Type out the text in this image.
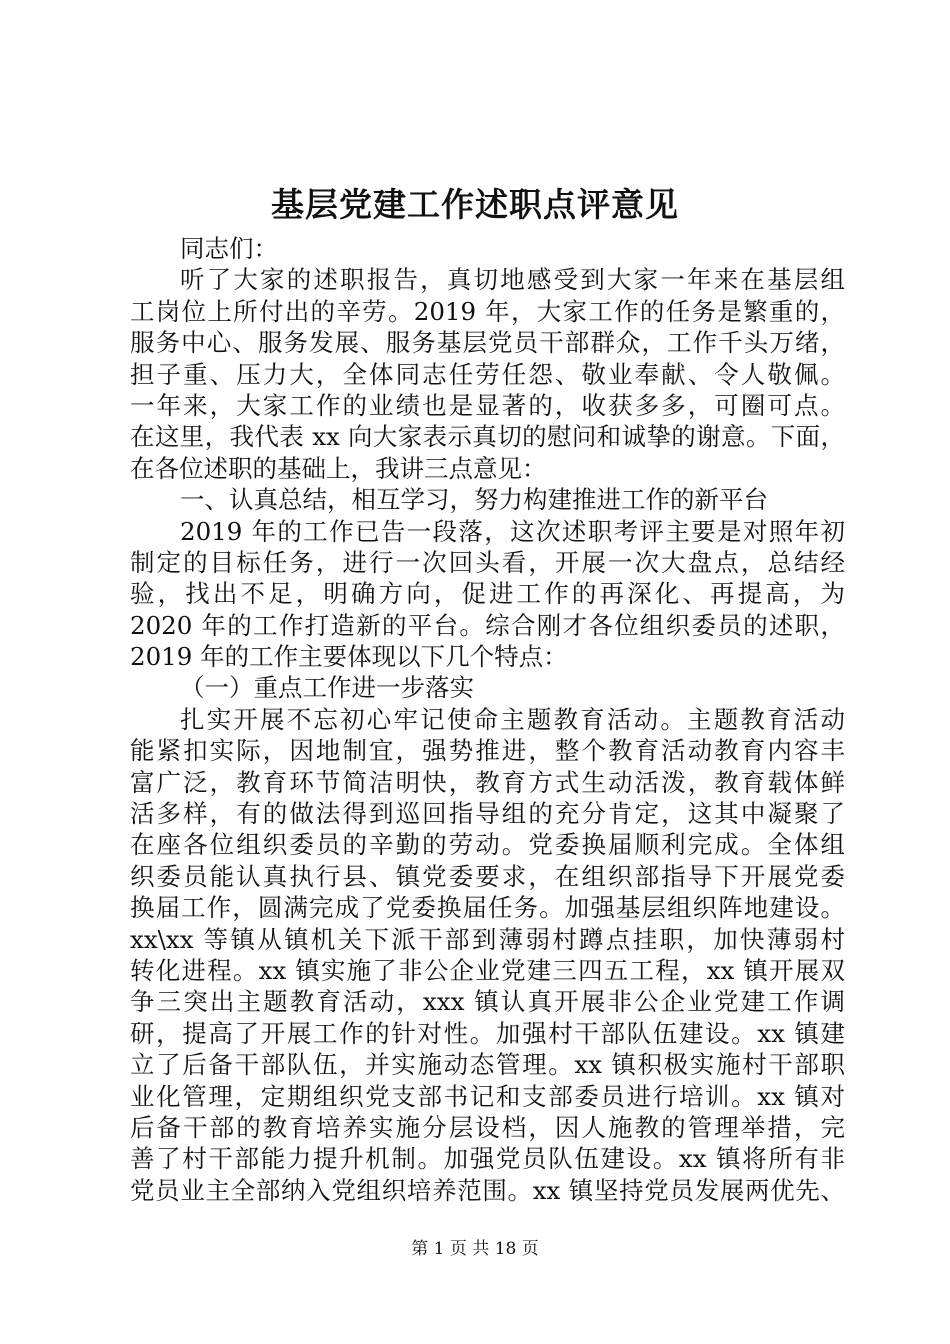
基层党建工作述职点评意见
同志们：
听了大家的述职报告，真切地感受到大家一年来在基层组
工岗位上所付出的辛劳。2019 年，大家工作的任务是繁重的，
服务中心、服务发展、服务基层党员干部群众，工作千头万绪，
担子重、压力大，全体同志任劳任怨、敬业奉献、令人敬佩。
一年来，大家工作的业绩也是显著的，收获多多，可圈可点。
在这里，我代表 xx 向大家表示真切的慰问和诚挚的谢意。下面，
在各位述职的基础上，我讲三点意见：
一、认真总结，相互学习，努力构建推进工作的新平台
2019 年的工作已告一段落，这次述职考评主要是对照年初
制定的目标任务，进行一次回头看，开展一次大盘点，总结经
验，找出不足，明确方向，促进工作的再深化、再提高，为
2020 年的工作打造新的平台。综合刚才各位组织委员的述职，
2019 年的工作主要体现以下几个特点：
（一）重点工作进一步落实
扎实开展不忘初心牢记使命主题教育活动。主题教育活动
能紧扣实际，因地制宜，强势推进，整个教育活动教育内容丰
富广泛，教育环节简洁明快，教育方式生动活泼，教育载体鲜
活多样，有的做法得到巡回指导组的充分肯定，这其中凝聚了
在座各位组织委员的辛勤的劳动。党委换届顺利完成。全体组
织委员能认真执行县、镇党委要求，在组织部指导下开展党委
换届工作，圆满完成了党委换届任务。加强基层组织阵地建设。
xx\xx 等镇从镇机关下派干部到薄弱村蹲点挂职，加快薄弱村
转化进程。xx 镇实施了非公企业党建三四五工程，xx 镇开展双
争三突出主题教育活动，xxx 镇认真开展非公企业党建工作调
研，提高了开展工作的针对性。加强村干部队伍建设。xx 镇建
立了后备干部队伍，并实施动态管理。xx 镇积极实施村干部职
业化管理，定期组织党支部书记和支部委员进行培训。xx 镇对
后备干部的教育培养实施分层设档，因人施教的管理举措，完
善了村干部能力提升机制。加强党员队伍建设。xx 镇将所有非
党员业主全部纳入党组织培养范围。xx 镇坚持党员发展两优先、
第 1 页 共 18 页
